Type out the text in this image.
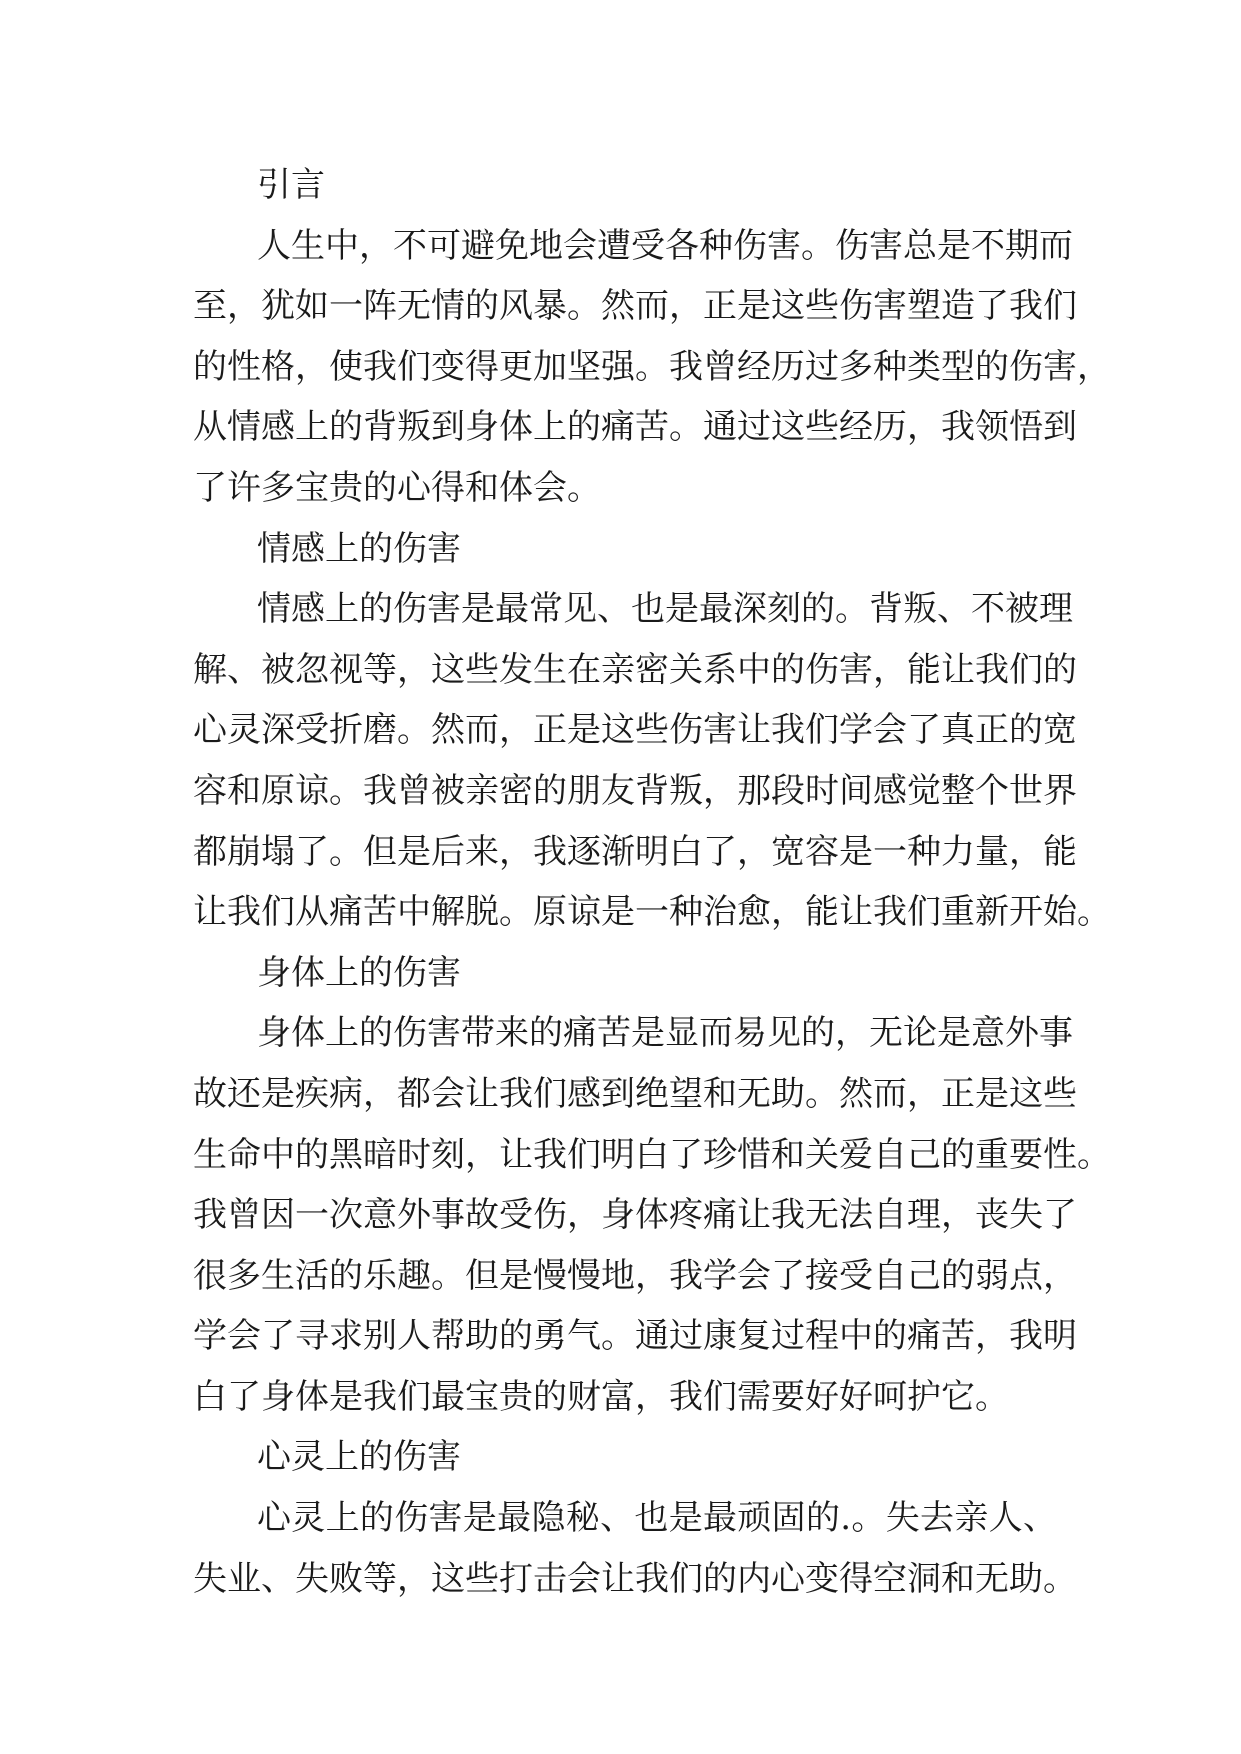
引言
人生中，不可避免地会遭受各种伤害。伤害总是不期而
至，犹如一阵无情的风暴。然而，正是这些伤害塑造了我们
的性格，使我们变得更加坚强。我曾经历过多种类型的伤害，
从情感上的背叛到身体上的痛苦。通过这些经历，我领悟到
了许多宝贵的心得和体会。
情感上的伤害
情感上的伤害是最常见、也是最深刻的。背叛、不被理
解、被忽视等，这些发生在亲密关系中的伤害，能让我们的
心灵深受折磨。然而，正是这些伤害让我们学会了真正的宽
容和原谅。我曾被亲密的朋友背叛，那段时间感觉整个世界
都崩塌了。但是后来，我逐渐明白了，宽容是一种力量，能
让我们从痛苦中解脱。原谅是一种治愈，能让我们重新开始。
身体上的伤害
身体上的伤害带来的痛苦是显而易见的，无论是意外事
故还是疾病，都会让我们感到绝望和无助。然而，正是这些
生命中的黑暗时刻，让我们明白了珍惜和关爱自己的重要性。
我曾因一次意外事故受伤，身体疼痛让我无法自理，丧失了
很多生活的乐趣。但是慢慢地，我学会了接受自己的弱点，
学会了寻求别人帮助的勇气。通过康复过程中的痛苦，我明
白了身体是我们最宝贵的财富，我们需要好好呵护它。
心灵上的伤害
心灵上的伤害是最隐秘、也是最顽固的.。失去亲人、
失业、失败等，这些打击会让我们的内心变得空洞和无助。
